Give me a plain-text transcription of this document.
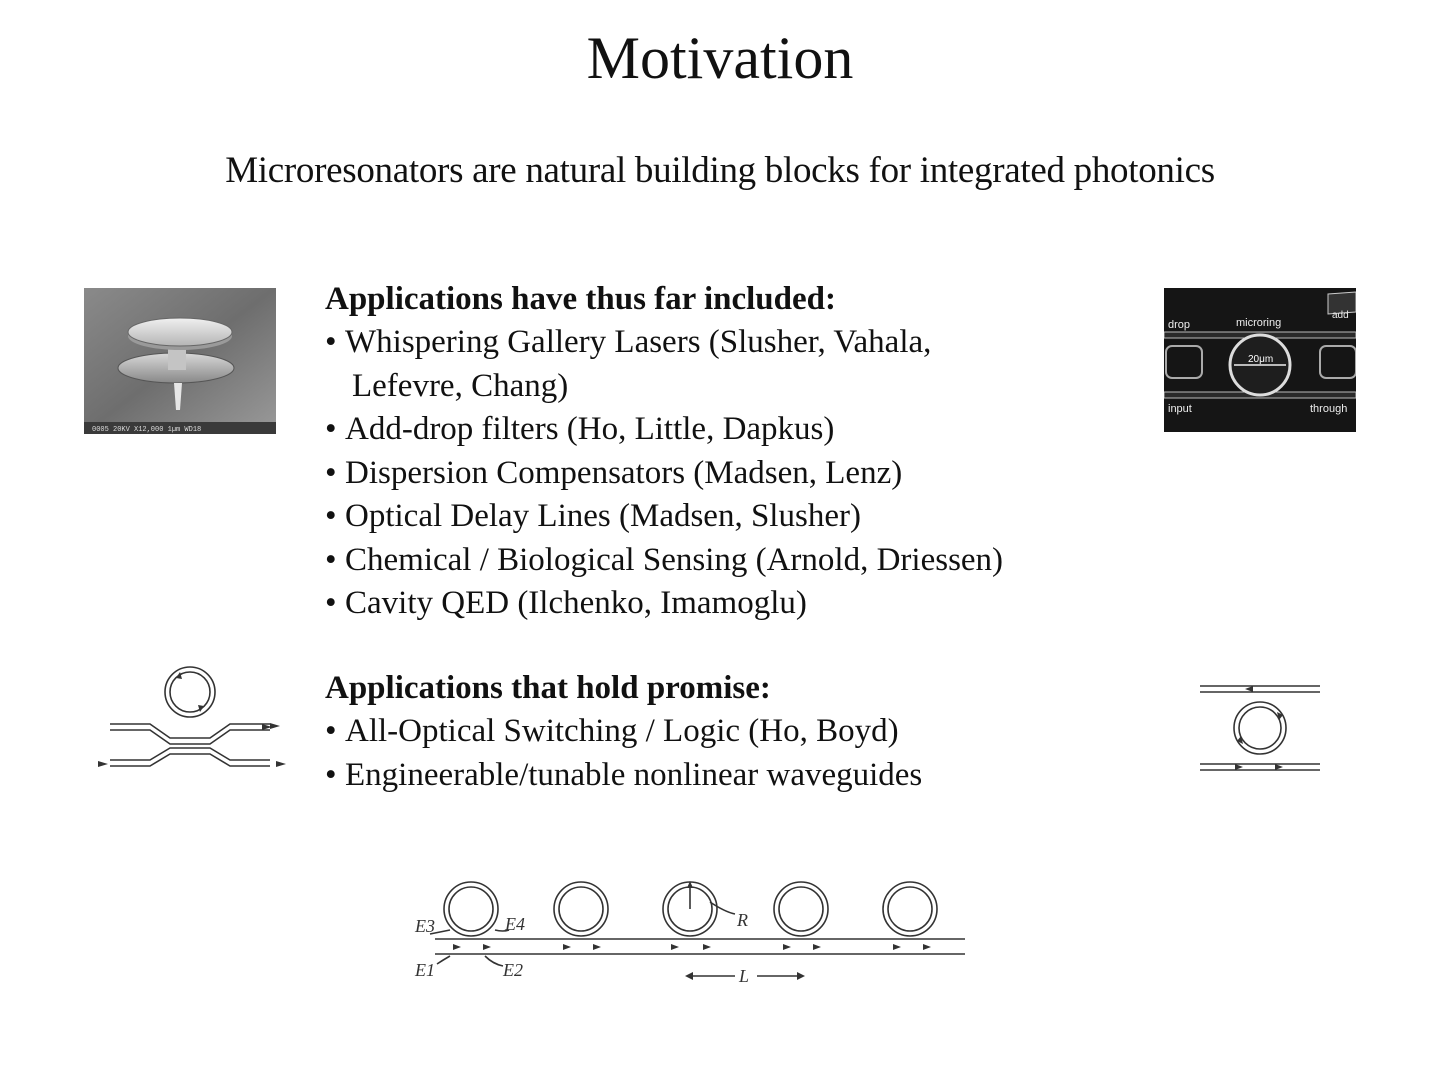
Motivation
Microresonators are natural building blocks for integrated photonics
0005 20KV X12,000 1µm WD18
drop	microring
add
20μm
input	through

Applications have thus far included:

• Whispering Gallery Lasers (Slusher, Vahala,
Lefevre, Chang)
• Add-drop filters (Ho, Little, Dapkus)
• Dispersion Compensators (Madsen, Lenz)
• Optical Delay Lines (Madsen, Slusher)
• Chemical / Biological Sensing (Arnold, Driessen)
• Cavity QED (Ilchenko, Imamoglu)

Applications that hold promise:

• All-Optical Switching / Logic (Ho, Boyd)
• Engineerable/tunable nonlinear waveguides
E3	E4
E1	E2
R
L
